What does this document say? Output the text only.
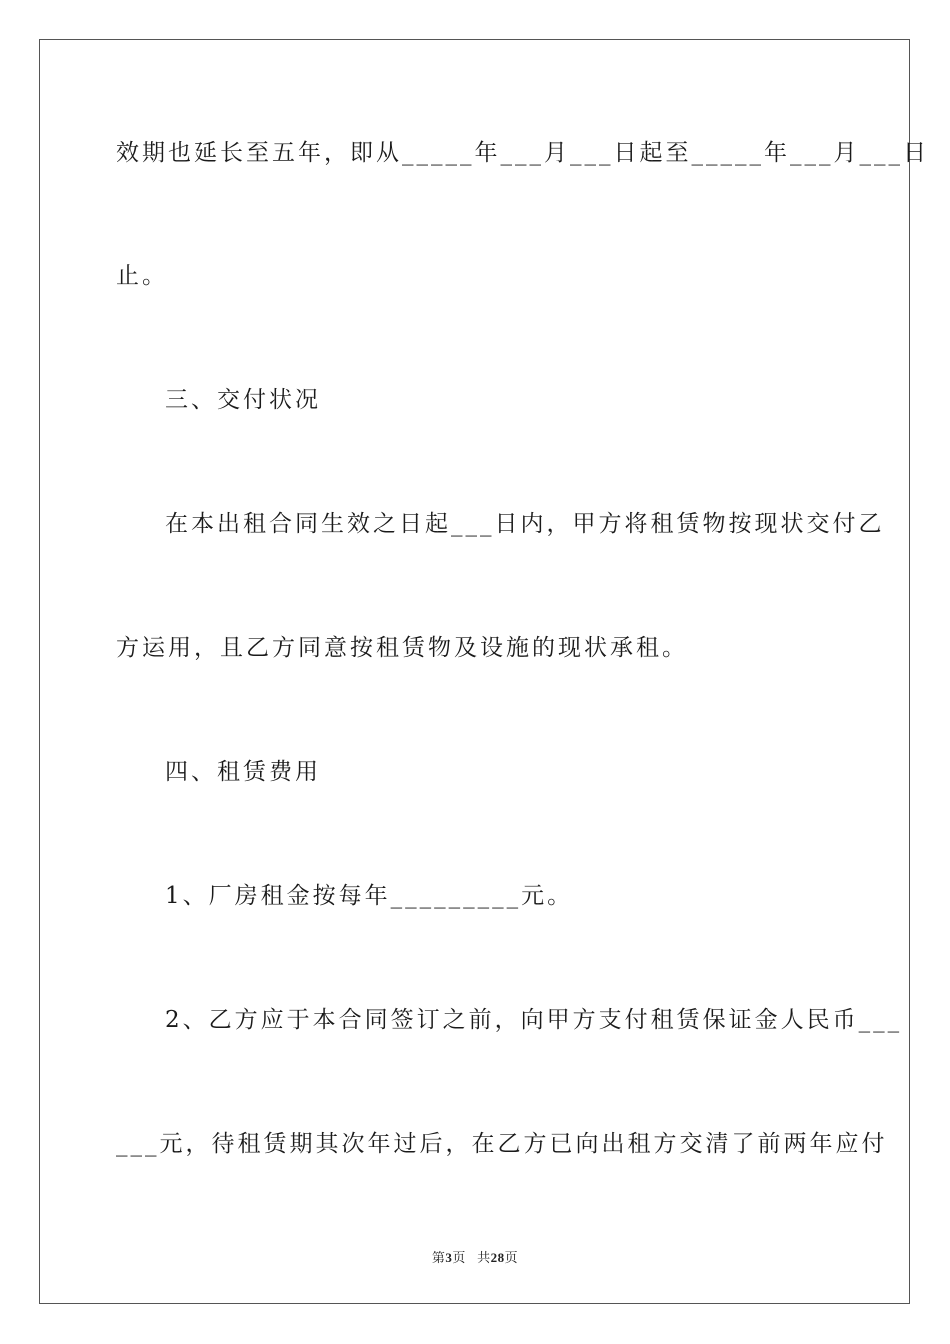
效期也延长至五年，即从_____年___月___日起至_____年___月___日
止。
三、交付状况
在本出租合同生效之日起___日内，甲方将租赁物按现状交付乙
方运用，且乙方同意按租赁物及设施的现状承租。
四、租赁费用
1、厂房租金按每年_________元。
2、乙方应于本合同签订之前，向甲方支付租赁保证金人民币___
___元，待租赁期其次年过后，在乙方已向出租方交清了前两年应付
第3页 共28页
